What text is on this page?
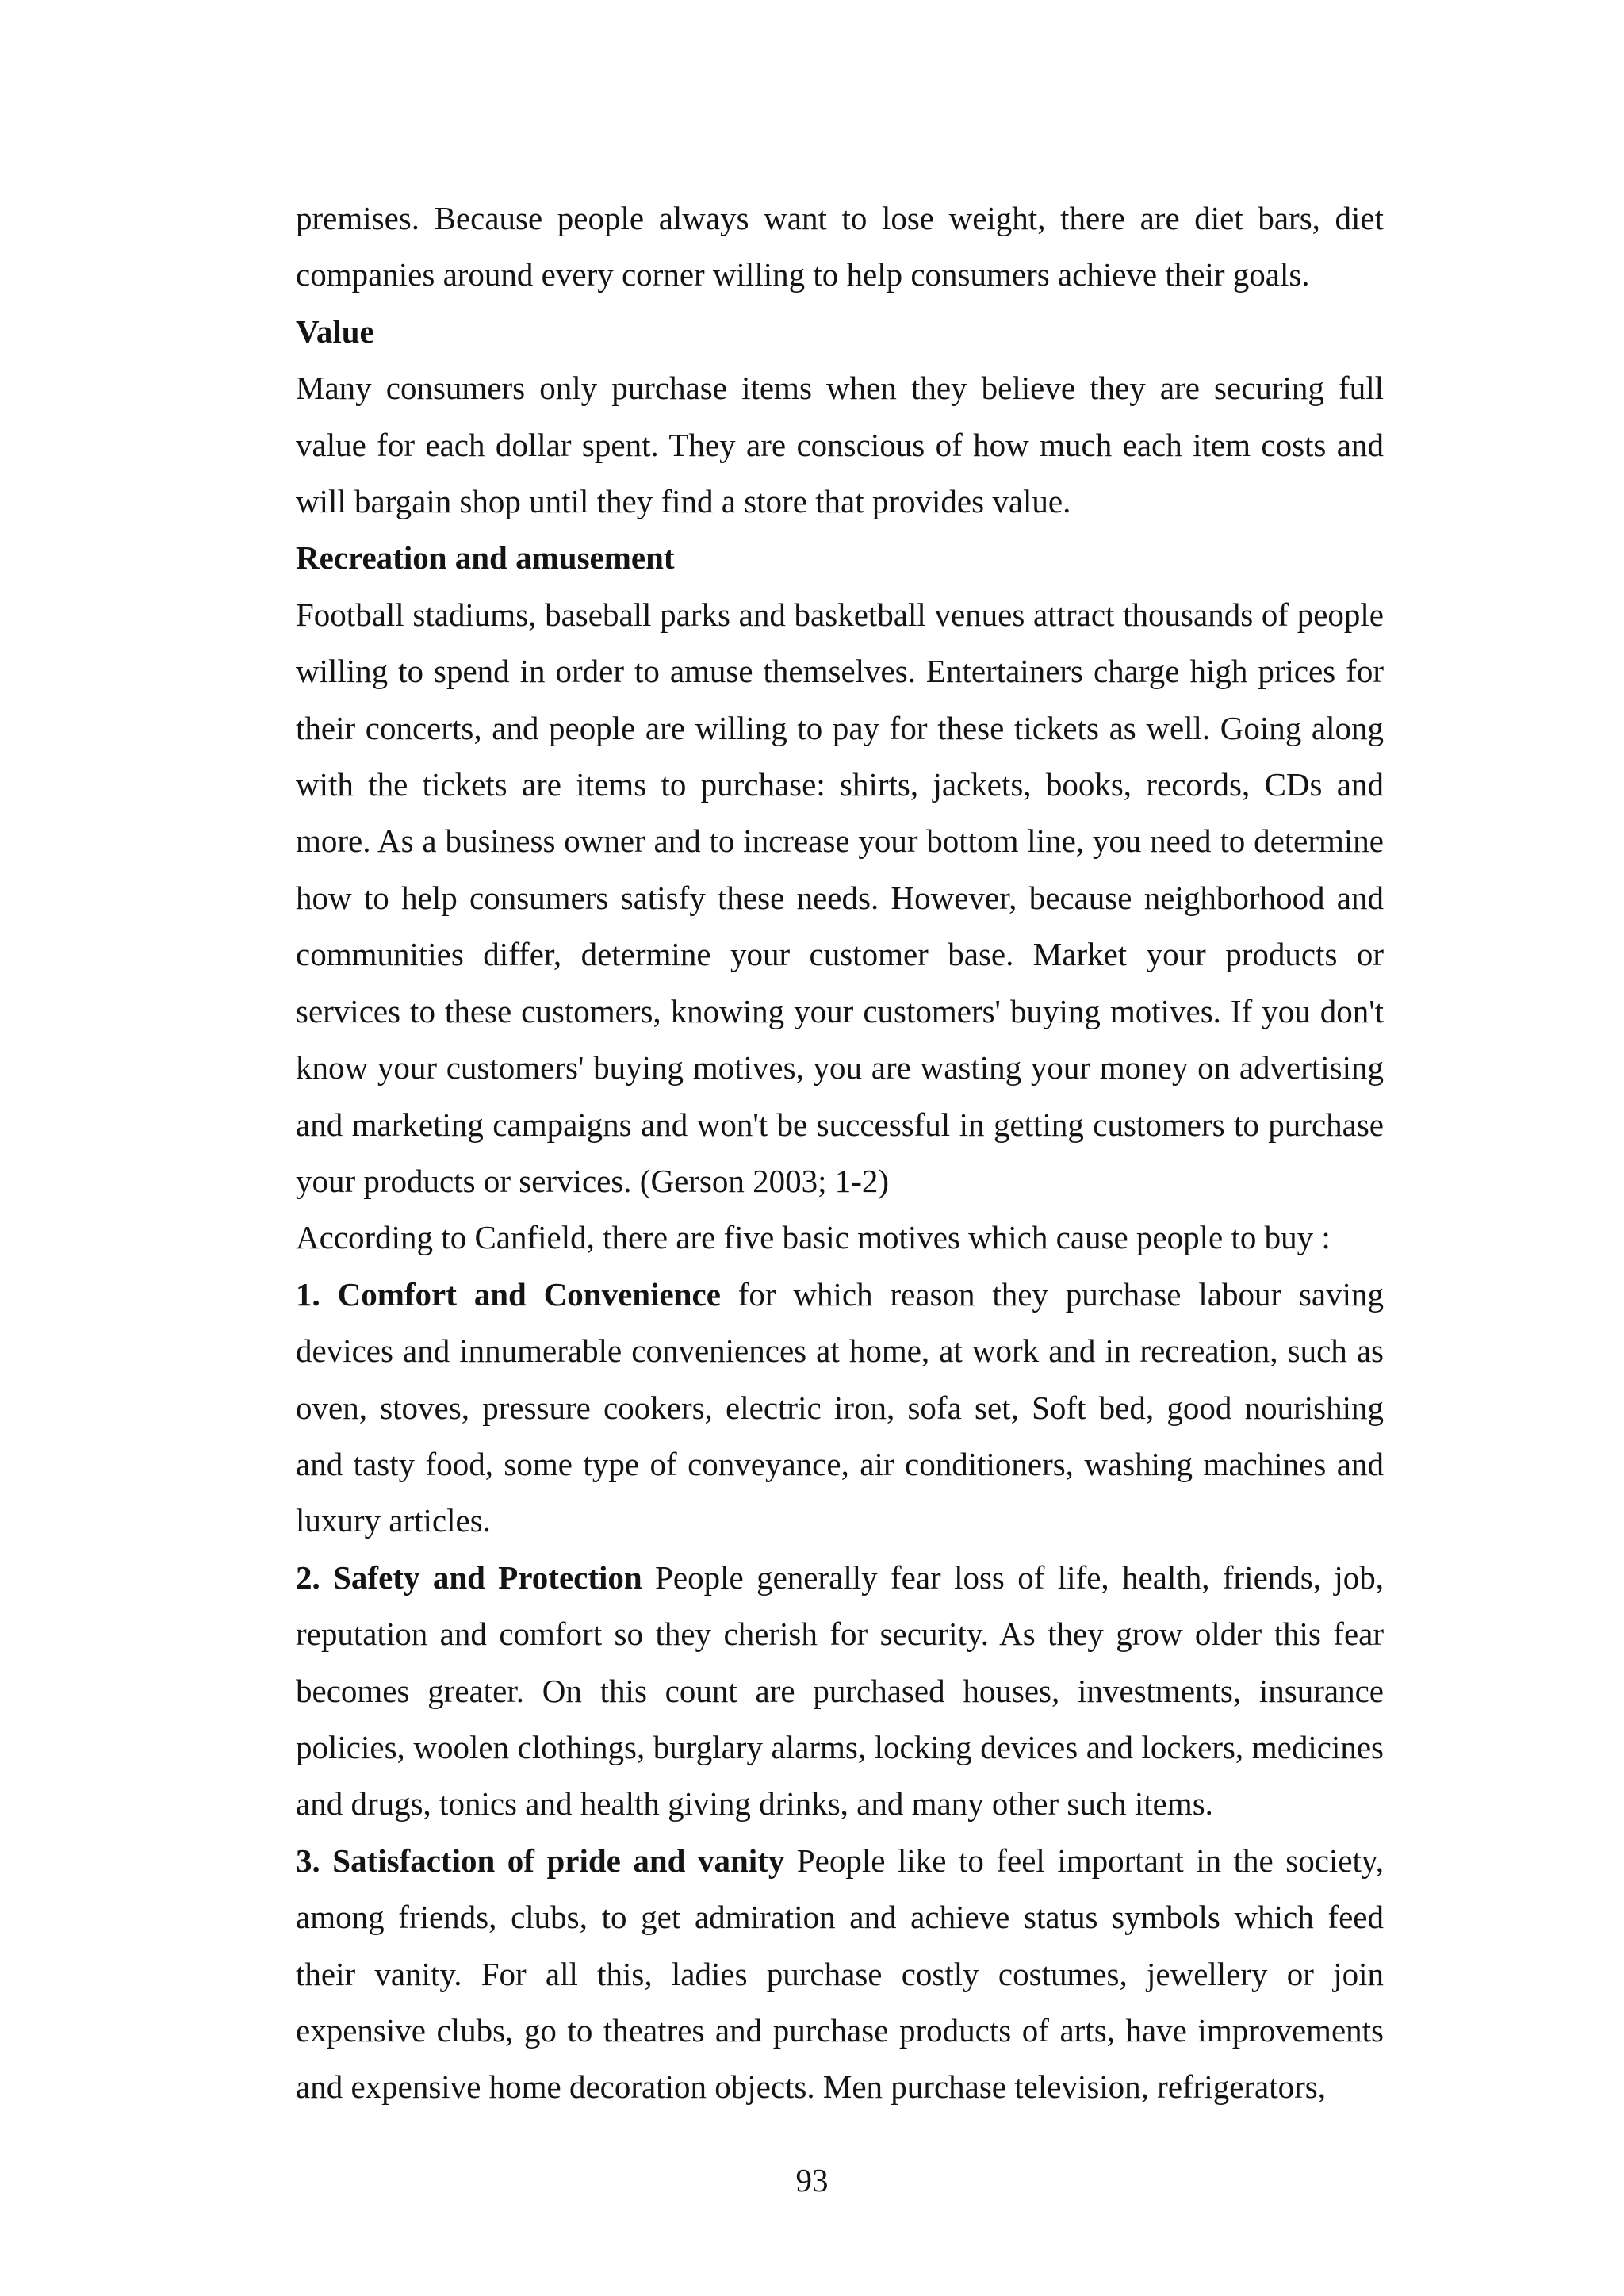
premises. Because people always want to lose weight, there are diet bars, diet companies around every corner willing to help consumers achieve their goals.

Value

Many consumers only purchase items when they believe they are securing full value for each dollar spent. They are conscious of how much each item costs and will bargain shop until they find a store that provides value.

Recreation and amusement

Football stadiums, baseball parks and basketball venues attract thousands of people willing to spend in order to amuse themselves. Entertainers charge high prices for their concerts, and people are willing to pay for these tickets as well. Going along with the tickets are items to purchase: shirts, jackets, books, records, CDs and more. As a business owner and to increase your bottom line, you need to determine how to help consumers satisfy these needs. However, because neighborhood and communities differ, determine your customer base. Market your products or services to these customers, knowing your customers' buying motives. If you don't know your customers' buying motives, you are wasting your money on advertising and marketing campaigns and won't be successful in getting customers to purchase your products or services. (Gerson 2003; 1-2)

According to Canfield, there are five basic motives which cause people to buy :

1. Comfort and Convenience for which reason they purchase labour saving devices and innumerable conveniences at home, at work and in recreation, such as oven, stoves, pressure cookers, electric iron, sofa set, Soft bed, good nourishing and tasty food, some type of conveyance, air conditioners, washing machines and luxury articles.

2. Safety and Protection People generally fear loss of life, health, friends, job, reputation and comfort so they cherish for security. As they grow older this fear becomes greater. On this count are purchased houses, investments, insurance policies, woolen clothings, burglary alarms, locking devices and lockers, medicines and drugs, tonics and health giving drinks, and many other such items.

3. Satisfaction of pride and vanity People like to feel important in the society, among friends, clubs, to get admiration and achieve status symbols which feed their vanity. For all this, ladies purchase costly costumes, jewellery or join expensive clubs, go to theatres and purchase products of arts, have improvements and expensive home decoration objects. Men purchase television, refrigerators,

93
